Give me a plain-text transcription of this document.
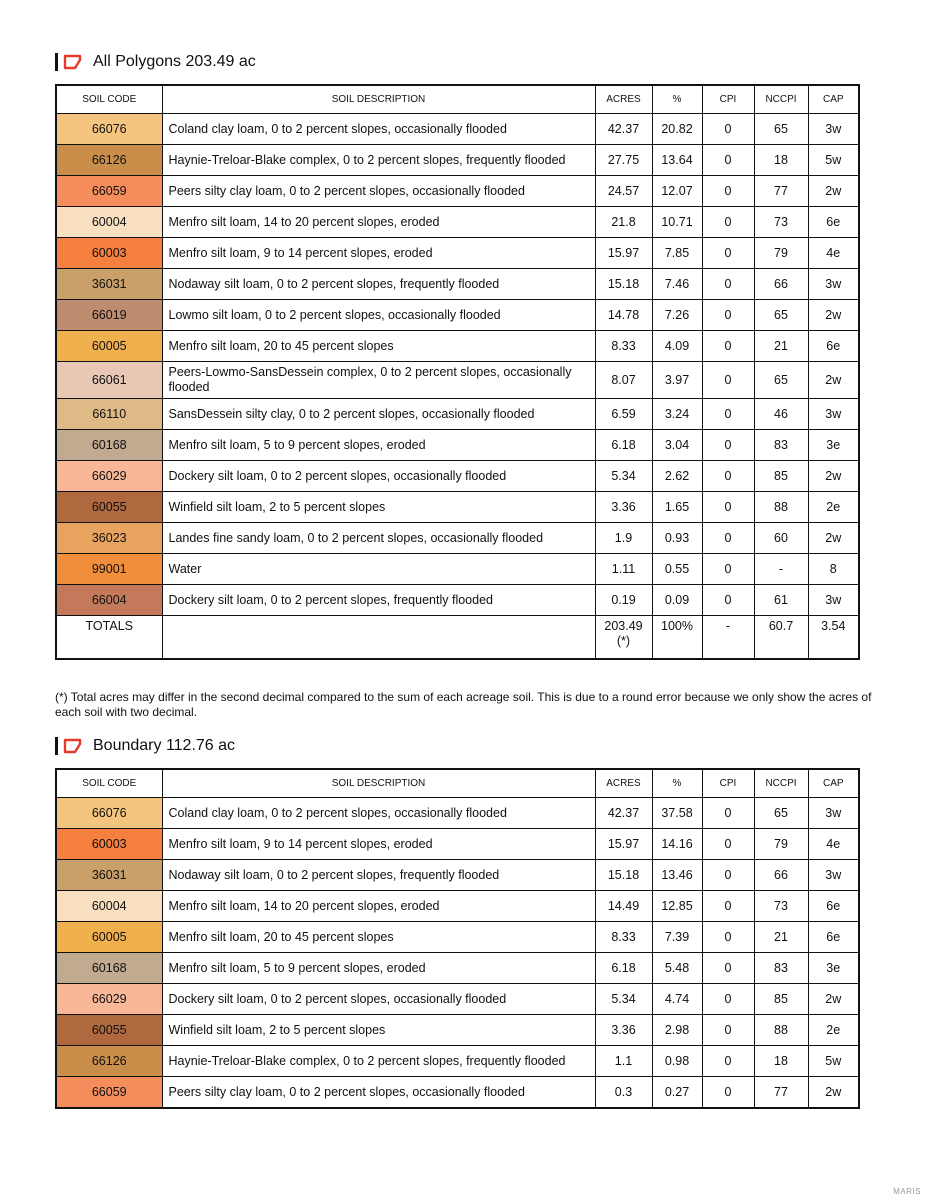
All Polygons 203.49 ac
SOIL CODE	SOIL DESCRIPTION	ACRES	%	CPI	NCCPI	CAP
66076	Coland clay loam, 0 to 2 percent slopes, occasionally flooded	42.37	20.82	0	65	3w
66126	Haynie-Treloar-Blake complex, 0 to 2 percent slopes, frequently flooded	27.75	13.64	0	18	5w
66059	Peers silty clay loam, 0 to 2 percent slopes, occasionally flooded	24.57	12.07	0	77	2w
60004	Menfro silt loam, 14 to 20 percent slopes, eroded	21.8	10.71	0	73	6e
60003	Menfro silt loam, 9 to 14 percent slopes, eroded	15.97	7.85	0	79	4e
36031	Nodaway silt loam, 0 to 2 percent slopes, frequently flooded	15.18	7.46	0	66	3w
66019	Lowmo silt loam, 0 to 2 percent slopes, occasionally flooded	14.78	7.26	0	65	2w
60005	Menfro silt loam, 20 to 45 percent slopes	8.33	4.09	0	21	6e
66061	Peers-Lowmo-SansDessein complex, 0 to 2 percent slopes, occasionally flooded	8.07	3.97	0	65	2w
66110	SansDessein silty clay, 0 to 2 percent slopes, occasionally flooded	6.59	3.24	0	46	3w
60168	Menfro silt loam, 5 to 9 percent slopes, eroded	6.18	3.04	0	83	3e
66029	Dockery silt loam, 0 to 2 percent slopes, occasionally flooded	5.34	2.62	0	85	2w
60055	Winfield silt loam, 2 to 5 percent slopes	3.36	1.65	0	88	2e
36023	Landes fine sandy loam, 0 to 2 percent slopes, occasionally flooded	1.9	0.93	0	60	2w
99001	Water	1.11	0.55	0	-	8
66004	Dockery silt loam, 0 to 2 percent slopes, frequently flooded	0.19	0.09	0	61	3w
TOTALS		203.49(*)	100%	-	60.7	3.54
(*) Total acres may differ in the second decimal compared to the sum of each acreage soil. This is due to a round error because we only show the acres of each soil with two decimal.
Boundary 112.76 ac
SOIL CODE	SOIL DESCRIPTION	ACRES	%	CPI	NCCPI	CAP
66076	Coland clay loam, 0 to 2 percent slopes, occasionally flooded	42.37	37.58	0	65	3w
60003	Menfro silt loam, 9 to 14 percent slopes, eroded	15.97	14.16	0	79	4e
36031	Nodaway silt loam, 0 to 2 percent slopes, frequently flooded	15.18	13.46	0	66	3w
60004	Menfro silt loam, 14 to 20 percent slopes, eroded	14.49	12.85	0	73	6e
60005	Menfro silt loam, 20 to 45 percent slopes	8.33	7.39	0	21	6e
60168	Menfro silt loam, 5 to 9 percent slopes, eroded	6.18	5.48	0	83	3e
66029	Dockery silt loam, 0 to 2 percent slopes, occasionally flooded	5.34	4.74	0	85	2w
60055	Winfield silt loam, 2 to 5 percent slopes	3.36	2.98	0	88	2e
66126	Haynie-Treloar-Blake complex, 0 to 2 percent slopes, frequently flooded	1.1	0.98	0	18	5w
66059	Peers silty clay loam, 0 to 2 percent slopes, occasionally flooded	0.3	0.27	0	77	2w
MARIS
